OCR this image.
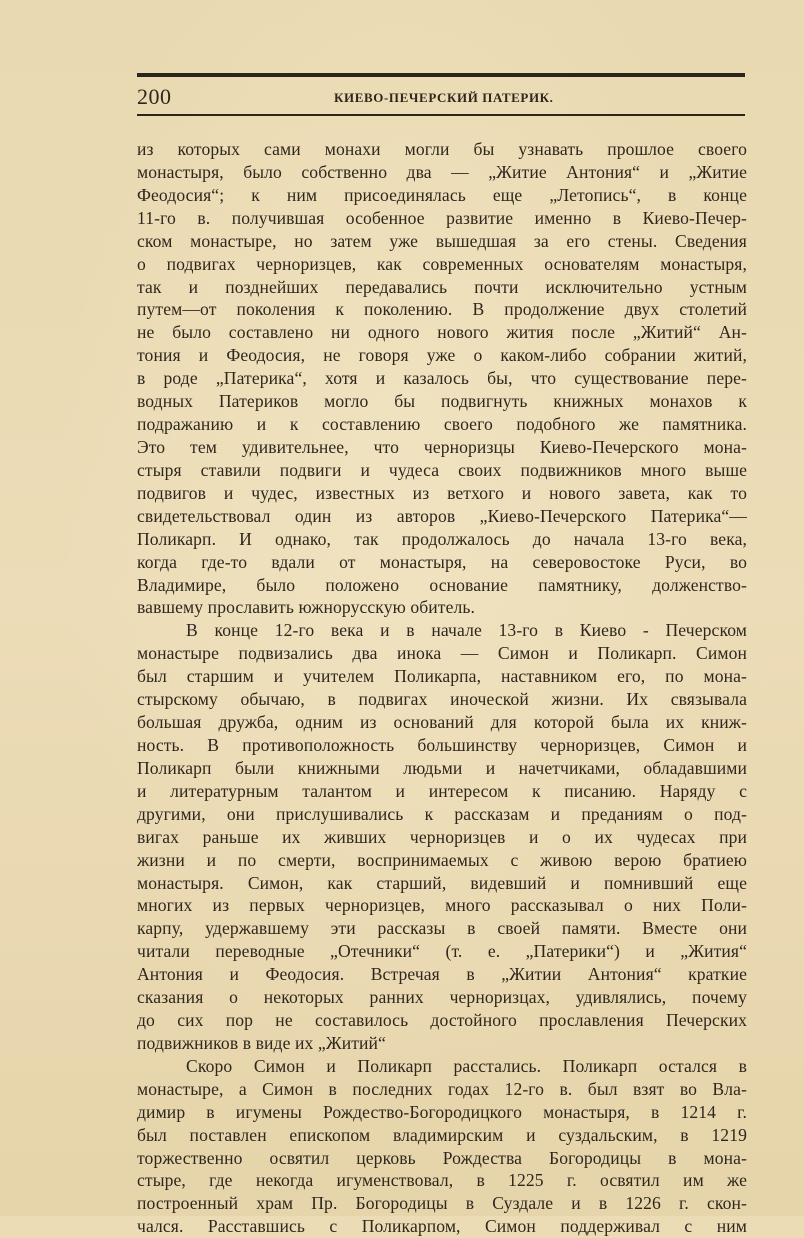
200	КИЕВО-ПЕЧЕРСКИЙ ПАТЕРИК.
из которых сами монахи могли бы узнавать прошлое своего
монастыря, было собственно два — „Житие Антония“ и „Житие
Феодосия“; к ним присоединялась еще „Летопись“, в конце
11-го в. получившая особенное развитие именно в Киево-Печер-
ском монастыре, но затем уже вышедшая за его стены. Сведения
о подвигах черноризцев, как современных основателям монастыря,
так и позднейших передавались почти исключительно устным
путем—от поколения к поколению. В продолжение двух столетий
не было составлено ни одного нового жития после „Житий“ Ан-
тония и Феодосия, не говоря уже о каком-либо собрании житий,
в роде „Патерика“, хотя и казалось бы, что существование пере-
водных Патериков могло бы подвигнуть книжных монахов к
подражанию и к составлению своего подобного же памятника.
Это тем удивительнее, что черноризцы Киево-Печерского мона-
стыря ставили подвиги и чудеса своих подвижников много выше
подвигов и чудес, известных из ветхого и нового завета, как то
свидетельствовал один из авторов „Киево-Печерского Патерика“—
Поликарп. И однако, так продолжалось до начала 13-го века,
когда где-то вдали от монастыря, на северовостоке Руси, во
Владимире, было положено основание памятнику, долженство-
вавшему прославить южнорусскую обитель.
В конце 12-го века и в начале 13-го в Киево - Печерском
монастыре подвизались два инока — Симон и Поликарп. Симон
был старшим и учителем Поликарпа, наставником его, по мона-
стырскому обычаю, в подвигах иноческой жизни. Их связывала
большая дружба, одним из оснований для которой была их книж-
ность. В противоположность большинству черноризцев, Симон и
Поликарп были книжными людьми и начетчиками, обладавшими
и литературным талантом и интересом к писанию. Наряду с
другими, они прислушивались к рассказам и преданиям о под-
вигах раньше их живших черноризцев и о их чудесах при
жизни и по смерти, воспринимаемых с живою верою братиею
монастыря. Симон, как старший, видевший и помнивший еще
многих из первых черноризцев, много рассказывал о них Поли-
карпу, удержавшему эти рассказы в своей памяти. Вместе они
читали переводные „Отечники“ (т. е. „Патерики“) и „Жития“
Антония и Феодосия. Встречая в „Житии Антония“ краткие
сказания о некоторых ранних черноризцах, удивлялись, почему
до сих пор не составилось достойного прославления Печерских
подвижников в виде их „Житий“
Скоро Симон и Поликарп расстались. Поликарп остался в
монастыре, а Симон в последних годах 12-го в. был взят во Вла-
димир в игумены Рождество-Богородицкого монастыря, в 1214 г.
был поставлен епископом владимирским и суздальским, в 1219
торжественно освятил церковь Рождества Богородицы в мона-
стыре, где некогда игуменствовал, в 1225 г. освятил им же
построенный храм Пр. Богородицы в Суздале и в 1226 г. скон-
чался. Расставшись с Поликарпом, Симон поддерживал с ним
